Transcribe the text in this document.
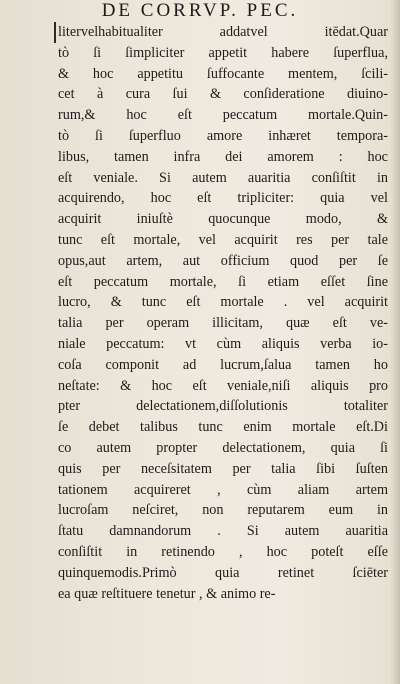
DE CORRVP. PEC.
litervelhabitualiter addatvel itēdat.Quar
tò ſi ſimpliciter appetit habere ſuperflua,
& hoc appetitu ſuffocante mentem, ſcili-
cet à cura ſui & conſideratione diuino-
rum,& hoc eſt peccatum mortale.Quin-
tò ſi ſuperfluo amore inhæret tempora-
libus, tamen infra dei amorem : hoc
eſt veniale. Si autem auaritia conſiſtit in
acquirendo, hoc eſt tripliciter: quia vel
acquirit iniuſtè quocunque modo, &
tunc eſt mortale, vel acquirit res per tale
opus,aut artem, aut officium quod per ſe
eſt peccatum mortale, ſi etiam eſſet ſine
lucro, & tunc eſt mortale . vel acquirit
talia per operam illicitam, quæ eſt ve-
niale peccatum: vt cùm aliquis verba io-
coſa componit ad lucrum,ſalua tamen ho
neſtate: & hoc eſt veniale,niſi aliquis pro
pter delectationem,diſſolutionis totaliter
ſe debet talibus tunc enim mortale eſt.Di
co autem propter delectationem, quia ſi
quis per neceſsitatem per talia ſibi ſuſten
tationem acquireret , cùm aliam artem
lucroſam neſciret, non reputarem eum in
ſtatu damnandorum . Si autem auaritia
conſiſtit in retinendo , hoc poteſt eſſe
quinquemodis.Primò quia retinet ſciēter
ea quæ reſtituere tenetur , & animo re-
